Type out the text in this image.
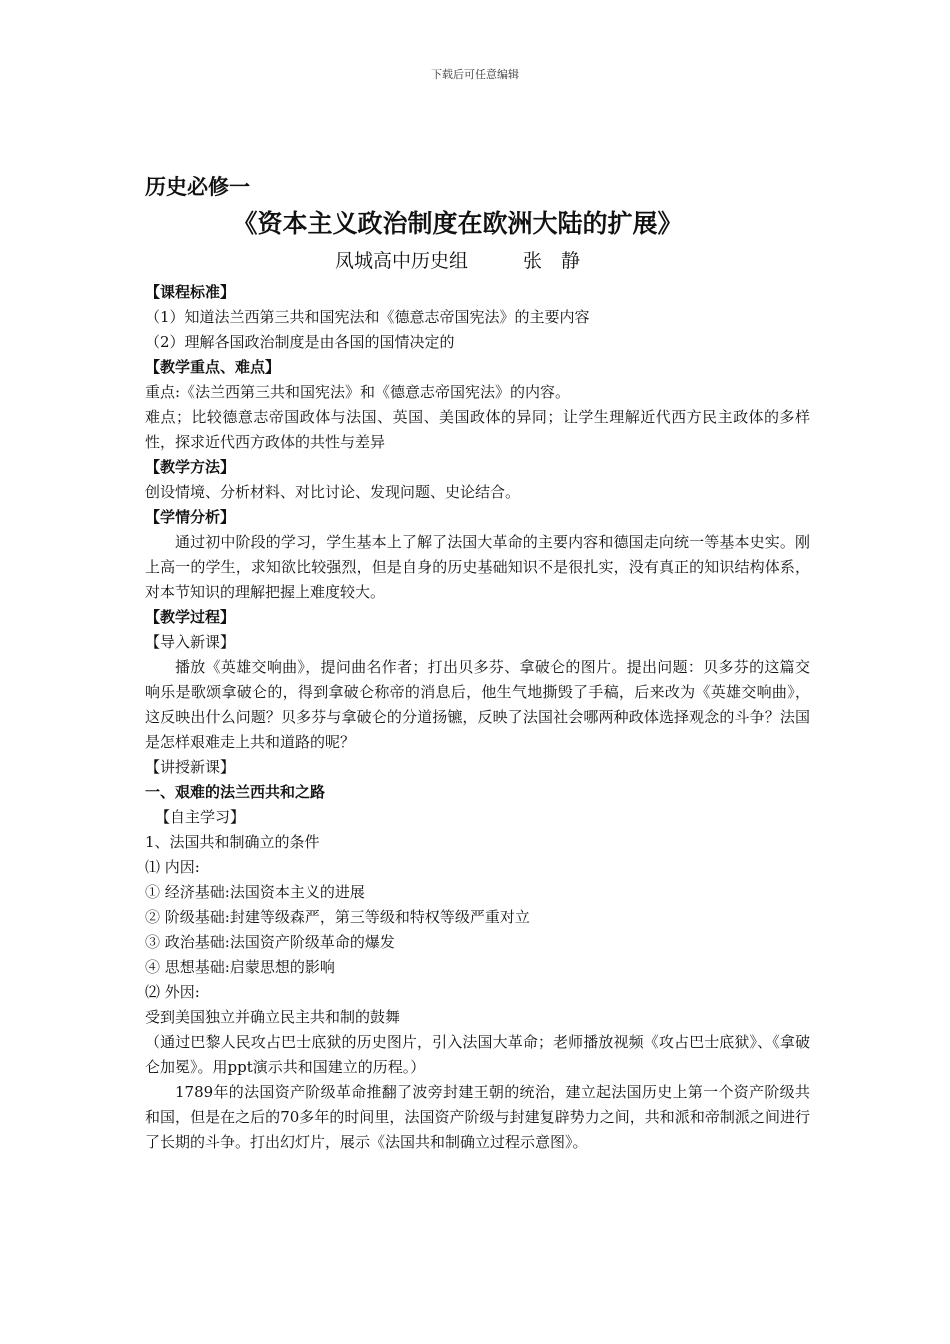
下载后可任意编辑

历史必修一

《资本主义政治制度在欧洲大陆的扩展》

凤城高中历史组	张　静

【课程标准】

（1）知道法兰西第三共和国宪法和《德意志帝国宪法》的主要内容

（2）理解各国政治制度是由各国的国情决定的

【教学重点、难点】

重点:《法兰西第三共和国宪法》和《德意志帝国宪法》的内容。

难点；比较德意志帝国政体与法国、英国、美国政体的异同；让学生理解近代西方民主政体的多样性，探求近代西方政体的共性与差异

【教学方法】

创设情境、分析材料、对比讨论、发现问题、史论结合。

【学情分析】

通过初中阶段的学习，学生基本上了解了法国大革命的主要内容和德国走向统一等基本史实。刚上高一的学生，求知欲比较强烈，但是自身的历史基础知识不是很扎实，没有真正的知识结构体系，对本节知识的理解把握上难度较大。

【教学过程】

【导入新课】

播放《英雄交响曲》，提问曲名作者；打出贝多芬、拿破仑的图片。提出问题：贝多芬的这篇交响乐是歌颂拿破仑的，得到拿破仑称帝的消息后，他生气地撕毁了手稿，后来改为《英雄交响曲》，这反映出什么问题？贝多芬与拿破仑的分道扬镳，反映了法国社会哪两种政体选择观念的斗争？法国是怎样艰难走上共和道路的呢？

【讲授新课】

一、艰难的法兰西共和之路

【自主学习】

1、法国共和制确立的条件

⑴ 内因:

① 经济基础:法国资本主义的进展

② 阶级基础:封建等级森严，第三等级和特权等级严重对立

③ 政治基础:法国资产阶级革命的爆发

④ 思想基础:启蒙思想的影响

⑵ 外因:

受到美国独立并确立民主共和制的鼓舞

（通过巴黎人民攻占巴士底狱的历史图片，引入法国大革命；老师播放视频《攻占巴士底狱》、《拿破仑加冕》。用ppt演示共和国建立的历程。）

1789年的法国资产阶级革命推翻了波旁封建王朝的统治，建立起法国历史上第一个资产阶级共和国，但是在之后的70多年的时间里，法国资产阶级与封建复辟势力之间，共和派和帝制派之间进行了长期的斗争。打出幻灯片，展示《法国共和制确立过程示意图》。
